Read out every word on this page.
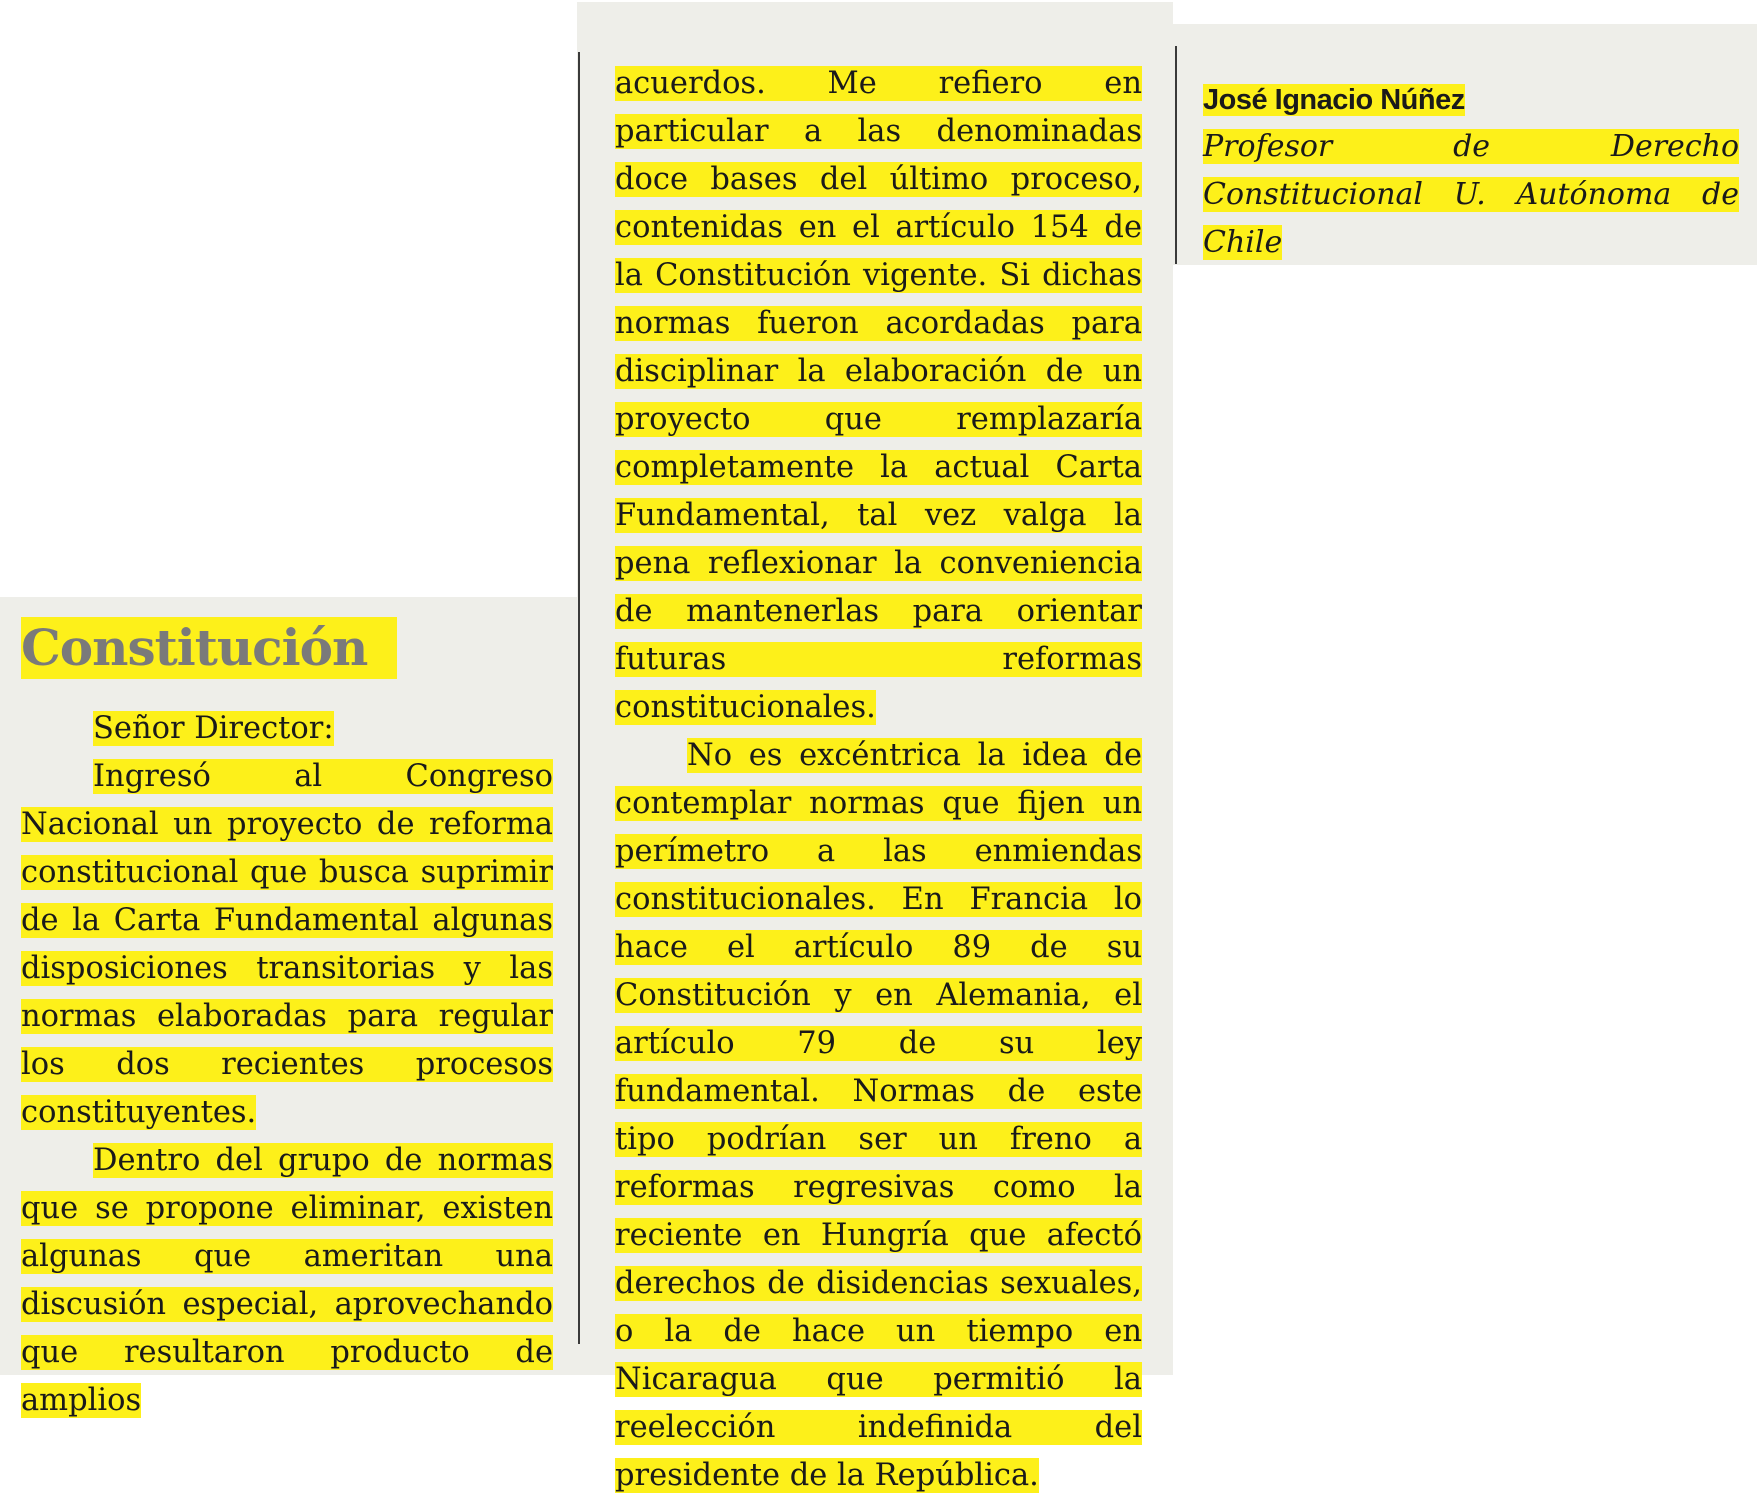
Constitución

Señor Director:

Ingresó al Congreso Nacional un proyecto de reforma constitucional que busca suprimir de la Carta Fundamental algunas disposiciones transitorias y las normas elaboradas para regular los dos recientes procesos constituyentes.

Dentro del grupo de normas que se propone eliminar, existen algunas que ameritan una discusión especial, aprovechando que resultaron producto de amplios

acuerdos. Me refiero en particular a las denominadas doce bases del último proceso, contenidas en el artículo 154 de la Constitución vigente. Si dichas normas fueron acordadas para disciplinar la elaboración de un proyecto que remplazaría completamente la actual Carta Fundamental, tal vez valga la pena reflexionar la conveniencia de mantenerlas para orientar futuras reformas constitucionales.

No es excéntrica la idea de contemplar normas que fijen un perímetro a las enmiendas constitucionales. En Francia lo hace el artículo 89 de su Constitución y en Alemania, el artículo 79 de su ley fundamental. Normas de este tipo podrían ser un freno a reformas regresivas como la reciente en Hungría que afectó derechos de disidencias sexuales, o la de hace un tiempo en Nicaragua que permitió la reelección indefinida del presidente de la República.

José Ignacio Núñez
Profesor de Derecho Constitucional U. Autónoma de Chile
